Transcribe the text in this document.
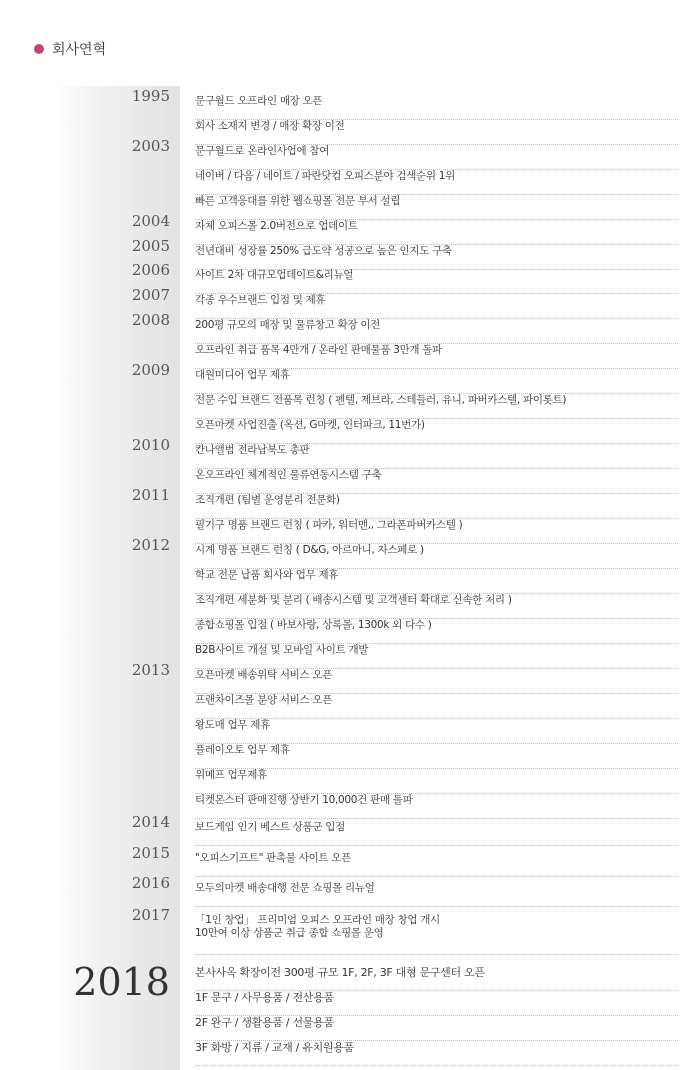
회사연혁
1995 문구월드 오프라인 매장 오픈
회사 소재지 변경 / 매장 확장 이전
2003 문구월드로 온라인사업에 참여
네이버 / 다음 / 네이트 / 파란닷컴 오피스분야 검색순위 1위
빠른 고객응대를 위한 웹쇼핑몰 전문 부서 설립
2004 자체 오피스몰 2.0버전으로 업데이트
2005 전년대비 성장률 250% 급도약 성공으로 높은 인지도 구축
2006 사이트 2차 대규모업데이트&리뉴얼
2007 각종 우수브랜드 입점 및 제휴
2008 200평 규모의 매장 및 물류창고 확장 이전
오프라인 취급 품목 4만개 / 온라인 판매물품 3만개 돌파
2009 대원미디어 업무 제휴
전문 수입 브랜드 전품목 런칭 ( 펜텔, 제브라, 스테들러, 유니, 파버카스텔, 파이롯트)
오픈마켓 사업진출 (옥션, G마켓, 인터파크, 11번가)
2010 칸나앨범 전라남북도 총판
온오프라인 체계적인 물류연동시스템 구축
2011 조직개편 (팀별 운영분리 전문화)
필기구 명품 브랜드 런칭 ( 파카, 워터맨,, 그라폰파버카스텔 )
2012 시계 명품 브랜드 런칭 ( D&G, 아르마니, 자스페로 )
학교 전문 납품 회사와 업무 제휴
조직개편 세분화 및 분리 ( 배송시스템 및 고객센터 확대로 신속한 처리 )
종합쇼핑몰 입점 ( 바보사랑, 상록몰, 1300k 외 다수 )
B2B사이트 개설 및 모바일 사이트 개발
2013 오픈마켓 배송위탁 서비스 오픈
프랜차이즈몰 분양 서비스 오픈
왕도매 업무 제휴
플레이오토 업무 제휴
위메프 업무제휴
티켓몬스터 판매진행 상반기 10,000건 판매 돌파
2014 보드게임 인기 베스트 상품군 입점
2015 "오피스기프트" 판촉물 사이트 오픈
2016 모두의마켓 배송대행 전문 쇼핑몰 리뉴얼
2017 「1인 창업」 프리미엄 오피스 오프라인 매장 창업 개시
10만여 이상 상품군 취급 종합 쇼핑몰 운영
2018 본사사옥 확장이전 300평 규모 1F, 2F, 3F 대형 문구센터 오픈
1F 문구 / 사무용품 / 전산용품
2F 완구 / 생활용품 / 선물용품
3F 화방 / 지류 / 교재 / 유치원용품
